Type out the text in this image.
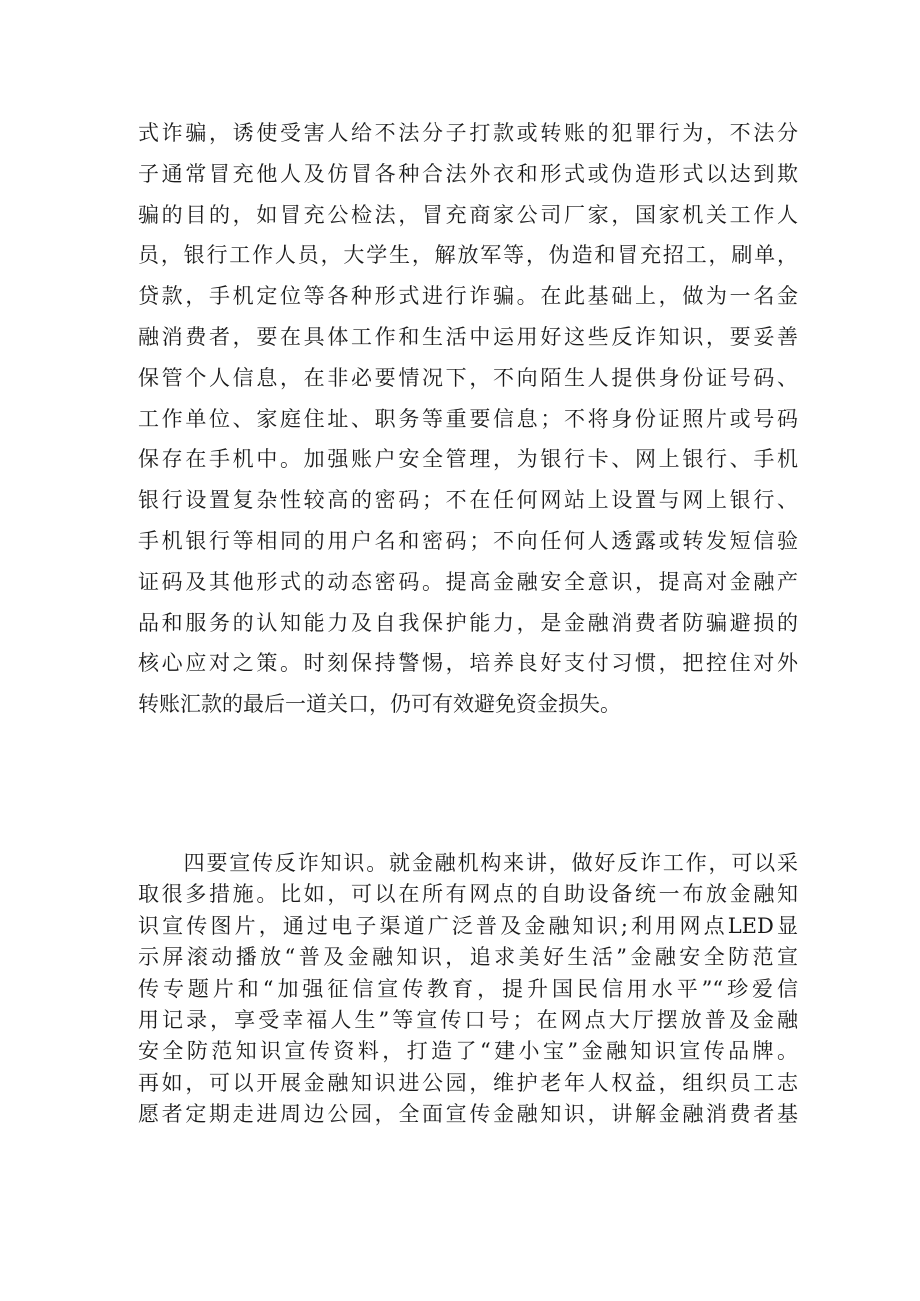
式诈骗，诱使受害人给不法分子打款或转账的犯罪行为，不法分
子通常冒充他人及仿冒各种合法外衣和形式或伪造形式以达到欺
骗的目的，如冒充公检法，冒充商家公司厂家，国家机关工作人
员，银行工作人员，大学生，解放军等，伪造和冒充招工，刷单，
贷款，手机定位等各种形式进行诈骗。在此基础上，做为一名金
融消费者，要在具体工作和生活中运用好这些反诈知识，要妥善
保管个人信息，在非必要情况下，不向陌生人提供身份证号码、
工作单位、家庭住址、职务等重要信息；不将身份证照片或号码
保存在手机中。加强账户安全管理，为银行卡、网上银行、手机
银行设置复杂性较高的密码；不在任何网站上设置与网上银行、
手机银行等相同的用户名和密码；不向任何人透露或转发短信验
证码及其他形式的动态密码。提高金融安全意识，提高对金融产
品和服务的认知能力及自我保护能力，是金融消费者防骗避损的
核心应对之策。时刻保持警惕，培养良好支付习惯，把控住对外
转账汇款的最后一道关口，仍可有效避免资金损失。
　　四要宣传反诈知识。就金融机构来讲，做好反诈工作，可以采
取很多措施。比如，可以在所有网点的自助设备统一布放金融知
识宣传图片，通过电子渠道广泛普及金融知识;利用网点LED显
示屏滚动播放“普及金融知识，追求美好生活”金融安全防范宣
传专题片和“加强征信宣传教育，提升国民信用水平”“珍爱信
用记录，享受幸福人生”等宣传口号；在网点大厅摆放普及金融
安全防范知识宣传资料，打造了“建小宝”金融知识宣传品牌。
再如，可以开展金融知识进公园，维护老年人权益，组织员工志
愿者定期走进周边公园，全面宣传金融知识，讲解金融消费者基
